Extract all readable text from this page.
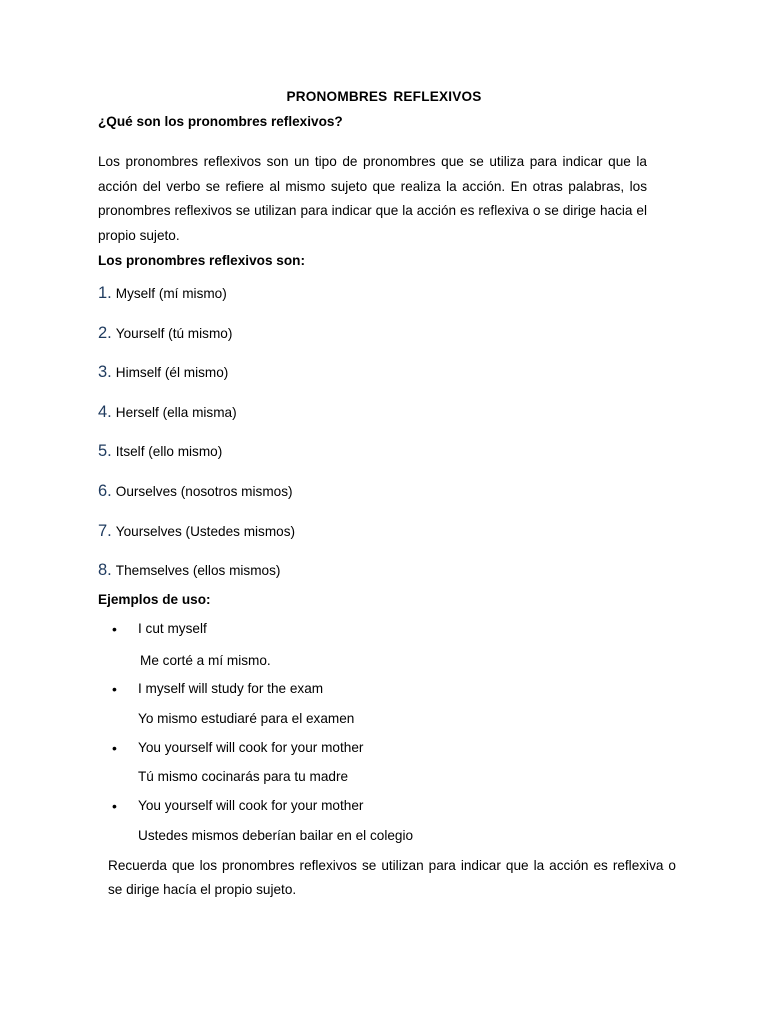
PRONOMBRES REFLEXIVOS
¿Qué son los pronombres reflexivos?

Los pronombres reflexivos son un tipo de pronombres que se utiliza para indicar que la acción del verbo se refiere al mismo sujeto que realiza la acción. En otras palabras, los pronombres reflexivos se utilizan para indicar que la acción es reflexiva o se dirige hacia el propio sujeto.

Los pronombres reflexivos son:
1. Myself (mí mismo)
2. Yourself (tú mismo)
3. Himself (él mismo)
4. Herself (ella misma)
5. Itself (ello mismo)
6. Ourselves (nosotros mismos)
7. Yourselves (Ustedes mismos)
8. Themselves (ellos mismos)
Ejemplos de uso:
• I cut myself
Me corté a mí mismo.
• I myself will study for the exam
Yo mismo estudiaré para el examen
• You yourself will cook for your mother
Tú mismo cocinarás para tu madre
• You yourself will cook for your mother
Ustedes mismos deberían bailar en el colegio

Recuerda que los pronombres reflexivos se utilizan para indicar que la acción es reflexiva o se dirige hacía el propio sujeto.
